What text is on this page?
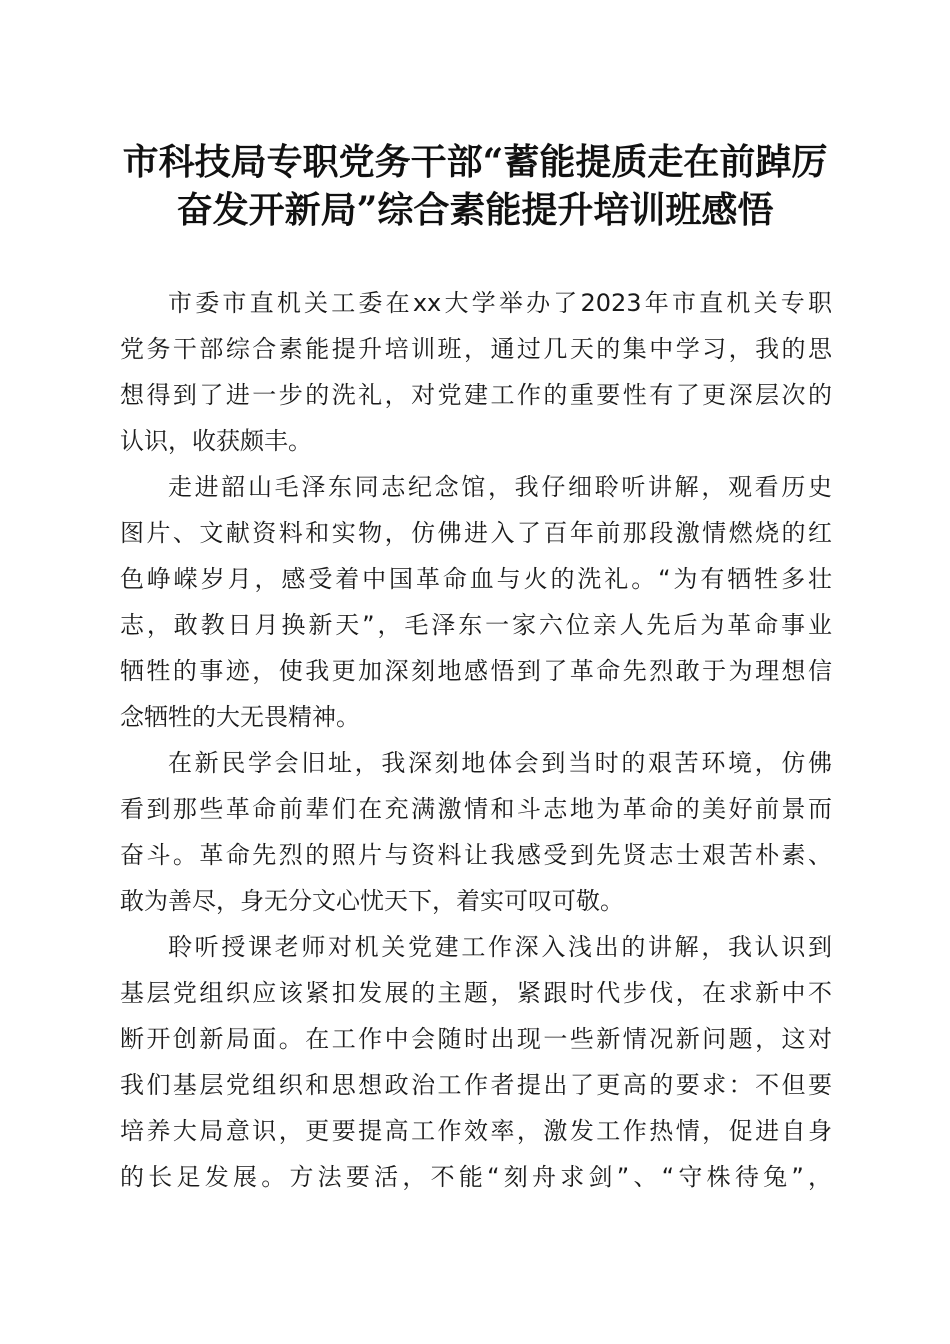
市科技局专职党务干部“蓄能提质走在前踔厉
奋发开新局”综合素能提升培训班感悟
市委市直机关工委在xx大学举办了2023年市直机关专职
党务干部综合素能提升培训班，通过几天的集中学习，我的思
想得到了进一步的洗礼，对党建工作的重要性有了更深层次的
认识，收获颇丰。
走进韶山毛泽东同志纪念馆，我仔细聆听讲解，观看历史
图片、文献资料和实物，仿佛进入了百年前那段激情燃烧的红
色峥嵘岁月，感受着中国革命血与火的洗礼。“为有牺牲多壮
志，敢教日月换新天”，毛泽东一家六位亲人先后为革命事业
牺牲的事迹，使我更加深刻地感悟到了革命先烈敢于为理想信
念牺牲的大无畏精神。
在新民学会旧址，我深刻地体会到当时的艰苦环境，仿佛
看到那些革命前辈们在充满激情和斗志地为革命的美好前景而
奋斗。革命先烈的照片与资料让我感受到先贤志士艰苦朴素、
敢为善尽，身无分文心忧天下，着实可叹可敬。
聆听授课老师对机关党建工作深入浅出的讲解，我认识到
基层党组织应该紧扣发展的主题，紧跟时代步伐，在求新中不
断开创新局面。在工作中会随时出现一些新情况新问题，这对
我们基层党组织和思想政治工作者提出了更高的要求：不但要
培养大局意识，更要提高工作效率，激发工作热情，促进自身
的长足发展。方法要活，不能“刻舟求剑”、“守株待兔”，
